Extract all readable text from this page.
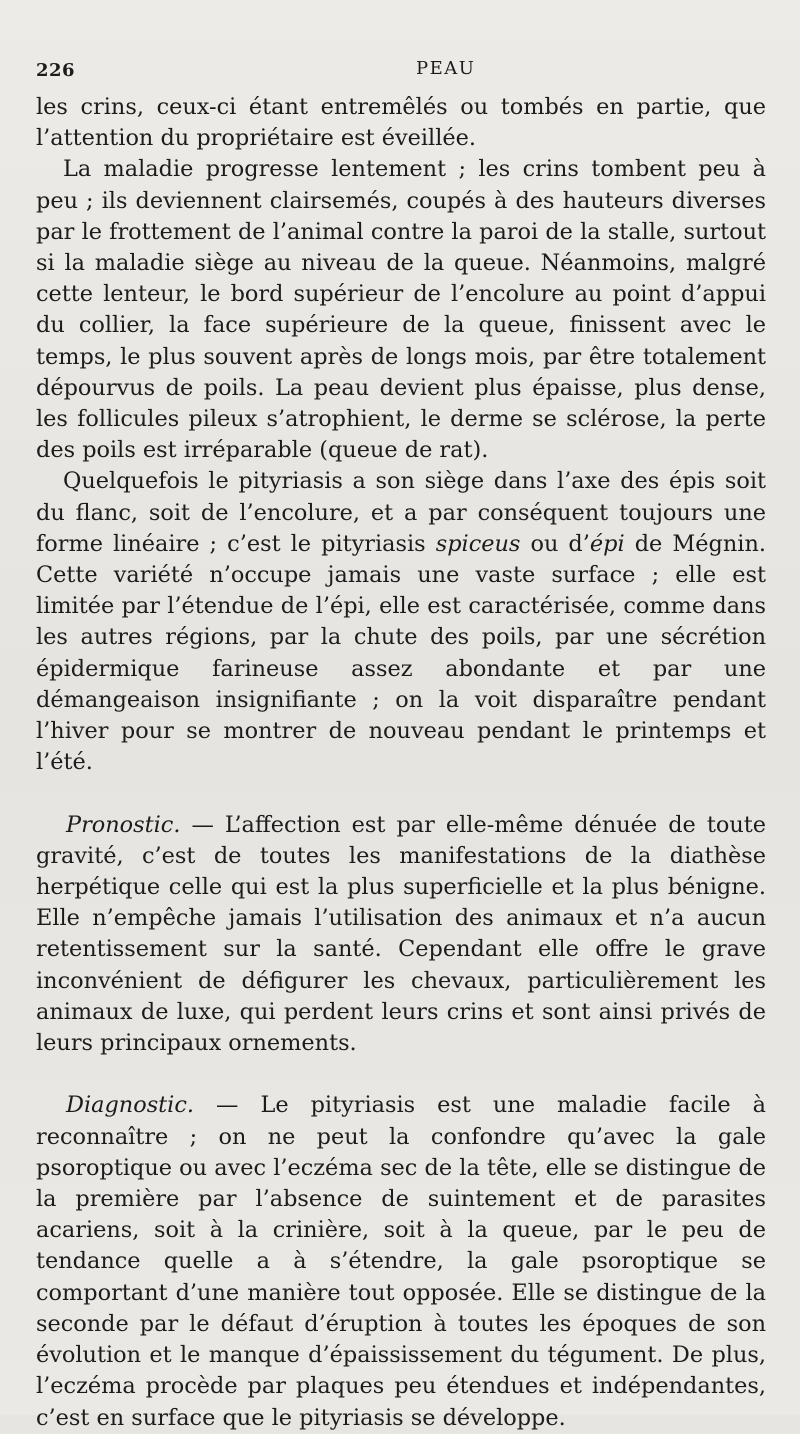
226	PEAU

les crins, ceux-ci étant entremêlés ou tombés en partie, que l’attention du propriétaire est éveillée.

La maladie progresse lentement ; les crins tombent peu à peu ; ils deviennent clairsemés, coupés à des hauteurs diverses par le frottement de l’animal contre la paroi de la stalle, surtout si la maladie siège au niveau de la queue. Néanmoins, malgré cette lenteur, le bord supérieur de l’encolure au point d’appui du collier, la face supérieure de la queue, finissent avec le temps, le plus souvent après de longs mois, par être totalement dépourvus de poils. La peau devient plus épaisse, plus dense, les follicules pileux s’atrophient, le derme se sclérose, la perte des poils est irréparable (queue de rat).

Quelquefois le pityriasis a son siège dans l’axe des épis soit du flanc, soit de l’encolure, et a par conséquent toujours une forme linéaire ; c’est le pityriasis spiceus ou d’épi de Mégnin. Cette variété n’occupe jamais une vaste surface ; elle est limitée par l’étendue de l’épi, elle est caractérisée, comme dans les autres régions, par la chute des poils, par une sécrétion épidermique farineuse assez abondante et par une démangeaison insignifiante ; on la voit disparaître pendant l’hiver pour se montrer de nouveau pendant le printemps et l’été.

Pronostic. — L’affection est par elle-même dénuée de toute gravité, c’est de toutes les manifestations de la diathèse herpétique celle qui est la plus superficielle et la plus bénigne. Elle n’empêche jamais l’utilisation des animaux et n’a aucun retentissement sur la santé. Cependant elle offre le grave inconvénient de défigurer les chevaux, particulièrement les animaux de luxe, qui perdent leurs crins et sont ainsi privés de leurs principaux ornements.

Diagnostic. — Le pityriasis est une maladie facile à reconnaître ; on ne peut la confondre qu’avec la gale psoroptique ou avec l’eczéma sec de la tête, elle se distingue de la première par l’absence de suintement et de parasites acariens, soit à la crinière, soit à la queue, par le peu de tendance quelle a à s’étendre, la gale psoroptique se comportant d’une manière tout opposée. Elle se distingue de la seconde par le défaut d’éruption à toutes les époques de son évolution et le manque d’épaississement du tégument. De plus, l’eczéma procède par plaques peu étendues et indépendantes, c’est en surface que le pityriasis se développe.
